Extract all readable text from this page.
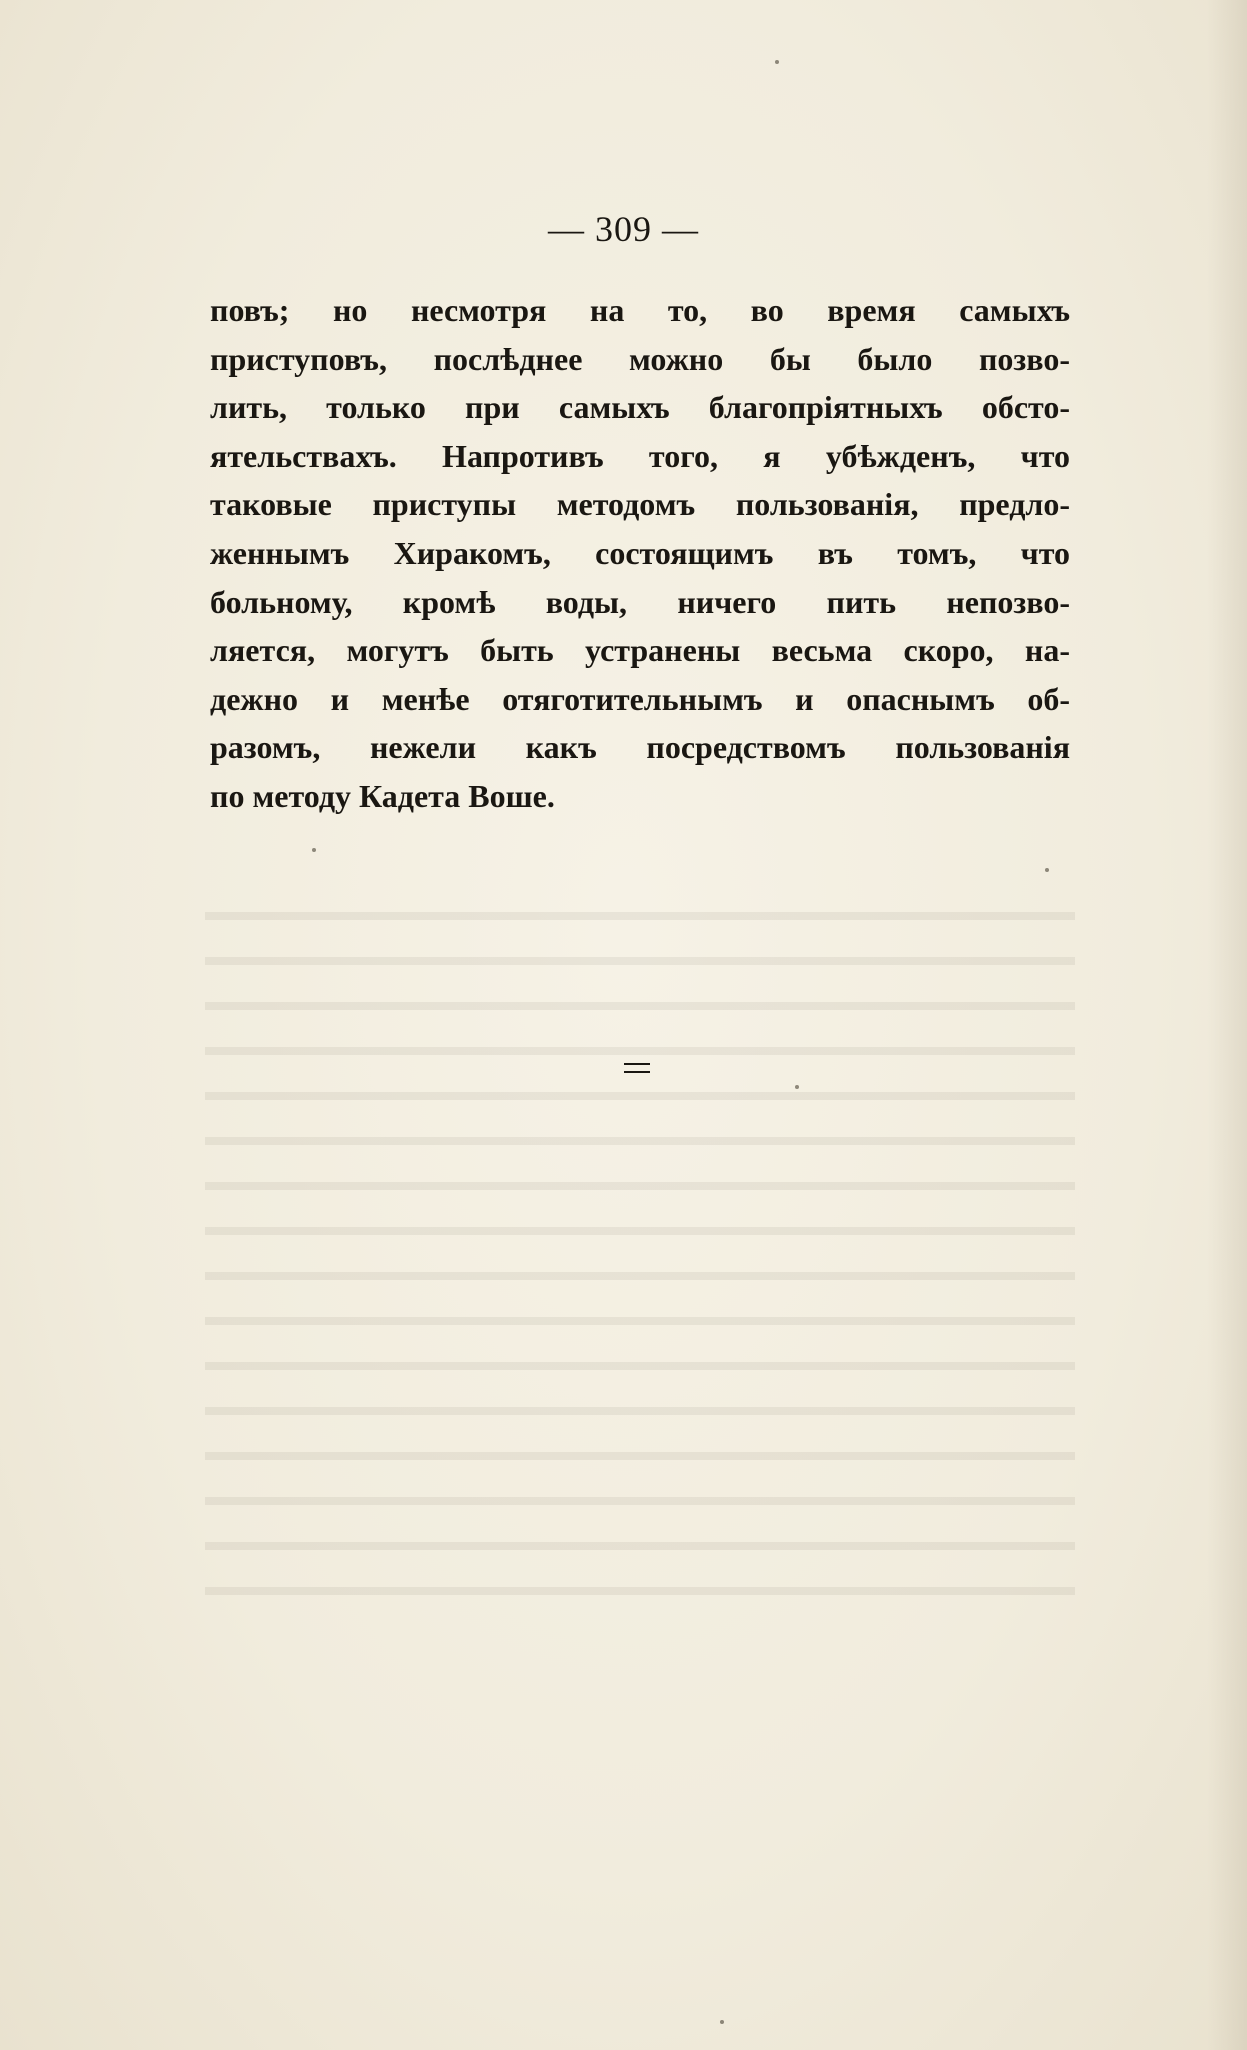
— 309 —
повъ; но несмотря на то, во время самыхъ
приступовъ, послѣднее можно бы было позво-
лить, только при самыхъ благопріятныхъ обсто-
ятельствахъ. Напротивъ того, я убѣжденъ, что
таковые приступы методомъ пользованія, предло-
женнымъ Хиракомъ, состоящимъ въ томъ, что
больному, кромѣ воды, ничего пить непозво-
ляется, могутъ быть устранены весьма скоро, на-
дежно и менѣе отяготительнымъ и опаснымъ об-
разомъ, нежели какъ посредствомъ пользованія
по методу Кадета Воше.
